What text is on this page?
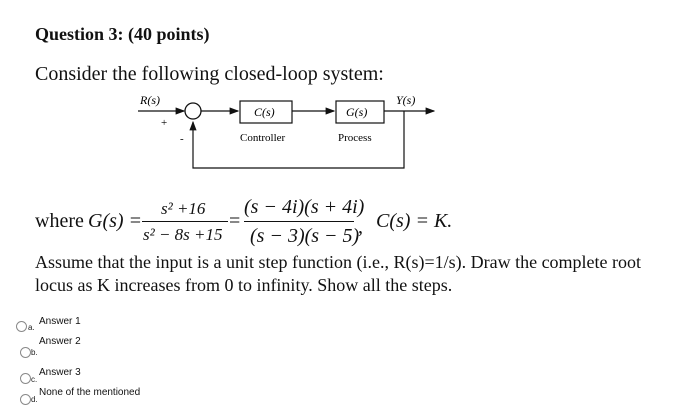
Question 3: (40 points)
Consider the following closed-loop system:
R(s)
+
-
C(s)
Controller
G(s)
Process
Y(s)
where G(s) =
s² +16
s² − 8s +15
=
(s − 4i)(s + 4i)
(s − 3)(s − 5)
, C(s) = K.
Assume that the input is a unit step function (i.e., R(s)=1/s). Draw the complete root locus as K increases from 0 to infinity. Show all the steps.
a.
Answer 1
b.
Answer 2
c.
Answer 3
d.
None of the mentioned
